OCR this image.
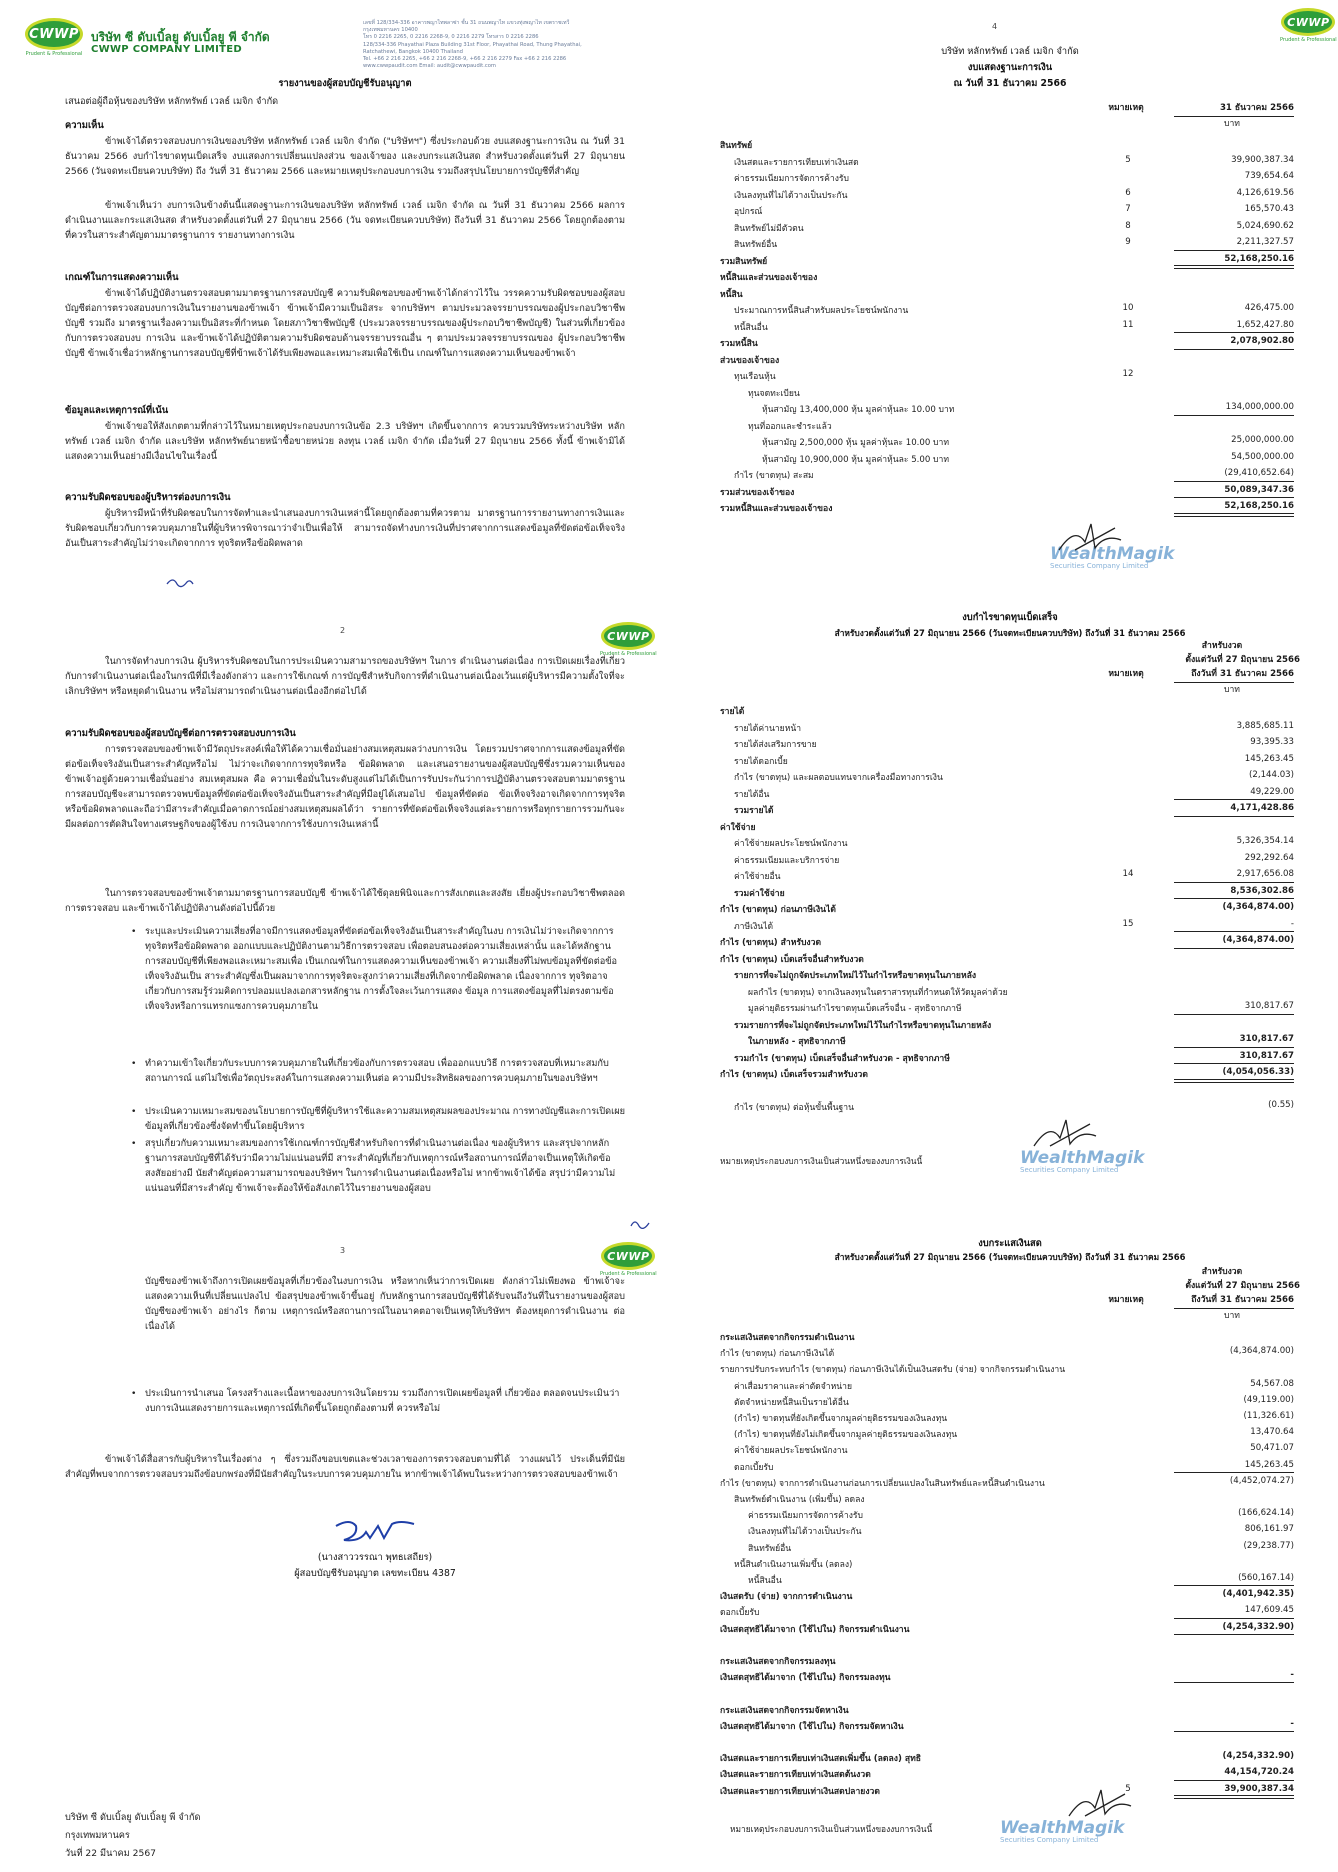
CWWP
Prudent & Professional
บริษัท ซี ดับเบิ้ลยู ดับเบิ้ลยู พี จำกัด
CWWP COMPANY LIMITED
เลขที่ 128/334-336 อาคารพญาไทพลาซ่า ชั้น 31 ถนนพญาไท แขวงทุ่งพญาไท เขตราชเทวี
กรุงเทพมหานคร 10400
โทร 0 2216 2265, 0 2216 2268-9, 0 2216 2279 โทรสาร 0 2216 2286
128/334-336 Phayathai Plaza Building 31st Floor, Phayathai Road, Thung Phayathai,
Ratchathewi, Bangkok 10400 Thailand
Tel. +66 2 216 2265, +66 2 216 2268-9, +66 2 216 2279 Fax +66 2 216 2286
www.cwwpaudit.com Email: audit@cwwpaudit.com
รายงานของผู้สอบบัญชีรับอนุญาต
เสนอต่อผู้ถือหุ้นของบริษัท หลักทรัพย์ เวลธ์ เมจิก จำกัด
ความเห็น
ข้าพเจ้าได้ตรวจสอบงบการเงินของบริษัท หลักทรัพย์ เวลธ์ เมจิก จำกัด ("บริษัทฯ") ซึ่งประกอบด้วย งบแสดงฐานะการเงิน ณ วันที่ 31 ธันวาคม 2566 งบกำไรขาดทุนเบ็ดเสร็จ งบแสดงการเปลี่ยนแปลงส่วน ของเจ้าของ และงบกระแสเงินสด สำหรับงวดตั้งแต่วันที่ 27 มิถุนายน 2566 (วันจดทะเบียนควบบริษัท) ถึง วันที่ 31 ธันวาคม 2566 และหมายเหตุประกอบงบการเงิน รวมถึงสรุปนโยบายการบัญชีที่สำคัญ
ข้าพเจ้าเห็นว่า งบการเงินข้างต้นนี้แสดงฐานะการเงินของบริษัท หลักทรัพย์ เวลธ์ เมจิก จำกัด ณ วันที่ 31 ธันวาคม 2566 ผลการดำเนินงานและกระแสเงินสด สำหรับงวดตั้งแต่วันที่ 27 มิถุนายน 2566 (วัน จดทะเบียนควบบริษัท) ถึงวันที่ 31 ธันวาคม 2566 โดยถูกต้องตามที่ควรในสาระสำคัญตามมาตรฐานการ รายงานทางการเงิน
เกณฑ์ในการแสดงความเห็น
ข้าพเจ้าได้ปฏิบัติงานตรวจสอบตามมาตรฐานการสอบบัญชี ความรับผิดชอบของข้าพเจ้าได้กล่าวไว้ใน วรรคความรับผิดชอบของผู้สอบบัญชีต่อการตรวจสอบงบการเงินในรายงานของข้าพเจ้า ข้าพเจ้ามีความเป็นอิสระ จากบริษัทฯ ตามประมวลจรรยาบรรณของผู้ประกอบวิชาชีพบัญชี รวมถึง มาตรฐานเรื่องความเป็นอิสระที่กำหนด โดยสภาวิชาชีพบัญชี (ประมวลจรรยาบรรณของผู้ประกอบวิชาชีพบัญชี) ในส่วนที่เกี่ยวข้องกับการตรวจสอบงบ การเงิน และข้าพเจ้าได้ปฏิบัติตามความรับผิดชอบด้านจรรยาบรรณอื่น ๆ ตามประมวลจรรยาบรรณของ ผู้ประกอบวิชาชีพบัญชี ข้าพเจ้าเชื่อว่าหลักฐานการสอบบัญชีที่ข้าพเจ้าได้รับเพียงพอและเหมาะสมเพื่อใช้เป็น เกณฑ์ในการแสดงความเห็นของข้าพเจ้า
ข้อมูลและเหตุการณ์ที่เน้น
ข้าพเจ้าขอให้สังเกตตามที่กล่าวไว้ในหมายเหตุประกอบงบการเงินข้อ 2.3 บริษัทฯ เกิดขึ้นจากการ ควบรวมบริษัทระหว่างบริษัท หลักทรัพย์ เวลธ์ เมจิก จำกัด และบริษัท หลักทรัพย์นายหน้าซื้อขายหน่วย ลงทุน เวลธ์ เมจิก จำกัด เมื่อวันที่ 27 มิถุนายน 2566 ทั้งนี้ ข้าพเจ้ามิได้แสดงความเห็นอย่างมีเงื่อนไขในเรื่องนี้
ความรับผิดชอบของผู้บริหารต่องบการเงิน
ผู้บริหารมีหน้าที่รับผิดชอบในการจัดทำและนำเสนองบการเงินเหล่านี้โดยถูกต้องตามที่ควรตาม มาตรฐานการรายงานทางการเงินและรับผิดชอบเกี่ยวกับการควบคุมภายในที่ผู้บริหารพิจารณาว่าจำเป็นเพื่อให้ สามารถจัดทำงบการเงินที่ปราศจากการแสดงข้อมูลที่ขัดต่อข้อเท็จจริงอันเป็นสาระสำคัญไม่ว่าจะเกิดจากการ ทุจริตหรือข้อผิดพลาด
2	CWWP
Prudent & Professional
ในการจัดทำงบการเงิน ผู้บริหารรับผิดชอบในการประเมินความสามารถของบริษัทฯ ในการ ดำเนินงานต่อเนื่อง การเปิดเผยเรื่องที่เกี่ยวกับการดำเนินงานต่อเนื่องในกรณีที่มีเรื่องดังกล่าว และการใช้เกณฑ์ การบัญชีสำหรับกิจการที่ดำเนินงานต่อเนื่องเว้นแต่ผู้บริหารมีความตั้งใจที่จะเลิกบริษัทฯ หรือหยุดดำเนินงาน หรือไม่สามารถดำเนินงานต่อเนื่องอีกต่อไปได้
ความรับผิดชอบของผู้สอบบัญชีต่อการตรวจสอบงบการเงิน
การตรวจสอบของข้าพเจ้ามีวัตถุประสงค์เพื่อให้ได้ความเชื่อมั่นอย่างสมเหตุสมผลว่างบการเงิน โดยรวมปราศจากการแสดงข้อมูลที่ขัดต่อข้อเท็จจริงอันเป็นสาระสำคัญหรือไม่ ไม่ว่าจะเกิดจากการทุจริตหรือ ข้อผิดพลาด และเสนอรายงานของผู้สอบบัญชีซึ่งรวมความเห็นของข้าพเจ้าอยู่ด้วยความเชื่อมั่นอย่าง สมเหตุสมผล คือ ความเชื่อมั่นในระดับสูงแต่ไม่ได้เป็นการรับประกันว่าการปฏิบัติงานตรวจสอบตามมาตรฐาน การสอบบัญชีจะสามารถตรวจพบข้อมูลที่ขัดต่อข้อเท็จจริงอันเป็นสาระสำคัญที่มีอยู่ได้เสมอไป ข้อมูลที่ขัดต่อ ข้อเท็จจริงอาจเกิดจากการทุจริตหรือข้อผิดพลาดและถือว่ามีสาระสำคัญเมื่อคาดการณ์อย่างสมเหตุสมผลได้ว่า รายการที่ขัดต่อข้อเท็จจริงแต่ละรายการหรือทุกรายการรวมกันจะมีผลต่อการตัดสินใจทางเศรษฐกิจของผู้ใช้งบ การเงินจากการใช้งบการเงินเหล่านี้
ในการตรวจสอบของข้าพเจ้าตามมาตรฐานการสอบบัญชี ข้าพเจ้าได้ใช้ดุลยพินิจและการสังเกตและสงสัย เยี่ยงผู้ประกอบวิชาชีพตลอดการตรวจสอบ และข้าพเจ้าได้ปฏิบัติงานดังต่อไปนี้ด้วย
• ระบุและประเมินความเสี่ยงที่อาจมีการแสดงข้อมูลที่ขัดต่อข้อเท็จจริงอันเป็นสาระสำคัญในงบ การเงินไม่ว่าจะเกิดจากการทุจริตหรือข้อผิดพลาด ออกแบบและปฏิบัติงานตามวิธีการตรวจสอบ เพื่อตอบสนองต่อความเสี่ยงเหล่านั้น และได้หลักฐานการสอบบัญชีที่เพียงพอและเหมาะสมเพื่อ เป็นเกณฑ์ในการแสดงความเห็นของข้าพเจ้า ความเสี่ยงที่ไม่พบข้อมูลที่ขัดต่อข้อเท็จจริงอันเป็น สาระสำคัญซึ่งเป็นผลมาจากการทุจริตจะสูงกว่าความเสี่ยงที่เกิดจากข้อผิดพลาด เนื่องจากการ ทุจริตอาจเกี่ยวกับการสมรู้ร่วมคิดการปลอมแปลงเอกสารหลักฐาน การตั้งใจละเว้นการแสดง ข้อมูล การแสดงข้อมูลที่ไม่ตรงตามข้อเท็จจริงหรือการแทรกแซงการควบคุมภายใน
• ทำความเข้าใจเกี่ยวกับระบบการควบคุมภายในที่เกี่ยวข้องกับการตรวจสอบ เพื่อออกแบบวิธี การตรวจสอบที่เหมาะสมกับสถานการณ์ แต่ไม่ใช่เพื่อวัตถุประสงค์ในการแสดงความเห็นต่อ ความมีประสิทธิผลของการควบคุมภายในของบริษัทฯ
• ประเมินความเหมาะสมของนโยบายการบัญชีที่ผู้บริหารใช้และความสมเหตุสมผลของประมาณ การทางบัญชีและการเปิดเผยข้อมูลที่เกี่ยวข้องซึ่งจัดทำขึ้นโดยผู้บริหาร
• สรุปเกี่ยวกับความเหมาะสมของการใช้เกณฑ์การบัญชีสำหรับกิจการที่ดำเนินงานต่อเนื่อง ของผู้บริหาร และสรุปจากหลักฐานการสอบบัญชีที่ได้รับว่ามีความไม่แน่นอนที่มี สาระสำคัญที่เกี่ยวกับเหตุการณ์หรือสถานการณ์ที่อาจเป็นเหตุให้เกิดข้อสงสัยอย่างมี นัยสำคัญต่อความสามารถของบริษัทฯ ในการดำเนินงานต่อเนื่องหรือไม่ หากข้าพเจ้าได้ข้อ สรุปว่ามีความไม่แน่นอนที่มีสาระสำคัญ ข้าพเจ้าจะต้องให้ข้อสังเกตไว้ในรายงานของผู้สอบ
3	CWWP
Prudent & Professional
บัญชีของข้าพเจ้าถึงการเปิดเผยข้อมูลที่เกี่ยวข้องในงบการเงิน หรือหากเห็นว่าการเปิดเผย ดังกล่าวไม่เพียงพอ ข้าพเจ้าจะแสดงความเห็นที่เปลี่ยนแปลงไป ข้อสรุปของข้าพเจ้าขึ้นอยู่ กับหลักฐานการสอบบัญชีที่ได้รับจนถึงวันที่ในรายงานของผู้สอบบัญชีของข้าพเจ้า อย่างไร ก็ตาม เหตุการณ์หรือสถานการณ์ในอนาคตอาจเป็นเหตุให้บริษัทฯ ต้องหยุดการดำเนินงาน ต่อเนื่องได้
• ประเมินการนำเสนอ โครงสร้างและเนื้อหาของงบการเงินโดยรวม รวมถึงการเปิดเผยข้อมูลที่ เกี่ยวข้อง ตลอดจนประเมินว่างบการเงินแสดงรายการและเหตุการณ์ที่เกิดขึ้นโดยถูกต้องตามที่ ควรหรือไม่
ข้าพเจ้าได้สื่อสารกับผู้บริหารในเรื่องต่าง ๆ ซึ่งรวมถึงขอบเขตและช่วงเวลาของการตรวจสอบตามที่ได้ วางแผนไว้ ประเด็นที่มีนัยสำคัญที่พบจากการตรวจสอบรวมถึงข้อบกพร่องที่มีนัยสำคัญในระบบการควบคุมภายใน หากข้าพเจ้าได้พบในระหว่างการตรวจสอบของข้าพเจ้า
(นางสาววรรณา พุทธเสถียร)
ผู้สอบบัญชีรับอนุญาต เลขทะเบียน 4387
บริษัท ซี ดับเบิ้ลยู ดับเบิ้ลยู พี จำกัด
กรุงเทพมหานคร
วันที่ 22 มีนาคม 2567
4	CWWP
Prudent & Professional
บริษัท หลักทรัพย์ เวลธ์ เมจิก จำกัด
งบแสดงฐานะการเงิน
ณ วันที่ 31 ธันวาคม 2566
หมายเหตุ	31 ธันวาคม 2566
บาท
สินทรัพย์
เงินสดและรายการเทียบเท่าเงินสด	5	39,900,387.34
ค่าธรรมเนียมการจัดการค้างรับ	739,654.64
เงินลงทุนที่ไม่ได้วางเป็นประกัน	6	4,126,619.56
อุปกรณ์	7	165,570.43
สินทรัพย์ไม่มีตัวตน	8	5,024,690.62
สินทรัพย์อื่น	9	2,211,327.57
รวมสินทรัพย์	52,168,250.16
หนี้สินและส่วนของเจ้าของ
หนี้สิน
ประมาณการหนี้สินสำหรับผลประโยชน์พนักงาน	10	426,475.00
หนี้สินอื่น	11	1,652,427.80
รวมหนี้สิน	2,078,902.80
ส่วนของเจ้าของ
ทุนเรือนหุ้น	12
ทุนจดทะเบียน
หุ้นสามัญ 13,400,000 หุ้น มูลค่าหุ้นละ 10.00 บาท	134,000,000.00
ทุนที่ออกและชำระแล้ว
หุ้นสามัญ 2,500,000 หุ้น มูลค่าหุ้นละ 10.00 บาท	25,000,000.00
หุ้นสามัญ 10,900,000 หุ้น มูลค่าหุ้นละ 5.00 บาท	54,500,000.00
กำไร (ขาดทุน) สะสม	(29,410,652.64)
รวมส่วนของเจ้าของ	50,089,347.36
รวมหนี้สินและส่วนของเจ้าของ	52,168,250.16
WealthMagik
Securities Company Limited
งบกำไรขาดทุนเบ็ดเสร็จ
สำหรับงวดตั้งแต่วันที่ 27 มิถุนายน 2566 (วันจดทะเบียนควบบริษัท) ถึงวันที่ 31 ธันวาคม 2566
สำหรับงวด
ตั้งแต่วันที่ 27 มิถุนายน 2566
หมายเหตุ	ถึงวันที่ 31 ธันวาคม 2566
บาท
รายได้
รายได้ค่านายหน้า	3,885,685.11
รายได้ส่งเสริมการขาย	93,395.33
รายได้ดอกเบี้ย	145,263.45
กำไร (ขาดทุน) และผลตอบแทนจากเครื่องมือทางการเงิน	(2,144.03)
รายได้อื่น	49,229.00
รวมรายได้	4,171,428.86
ค่าใช้จ่าย
ค่าใช้จ่ายผลประโยชน์พนักงาน	5,326,354.14
ค่าธรรมเนียมและบริการจ่าย	292,292.64
ค่าใช้จ่ายอื่น	14	2,917,656.08
รวมค่าใช้จ่าย	8,536,302.86
กำไร (ขาดทุน) ก่อนภาษีเงินได้	(4,364,874.00)
ภาษีเงินได้	15	-
กำไร (ขาดทุน) สำหรับงวด	(4,364,874.00)
กำไร (ขาดทุน) เบ็ดเสร็จอื่นสำหรับงวด
รายการที่จะไม่ถูกจัดประเภทใหม่ไว้ในกำไรหรือขาดทุนในภายหลัง
ผลกำไร (ขาดทุน) จากเงินลงทุนในตราสารทุนที่กำหนดให้วัดมูลค่าด้วย
มูลค่ายุติธรรมผ่านกำไรขาดทุนเบ็ดเสร็จอื่น - สุทธิจากภาษี	310,817.67
รวมรายการที่จะไม่ถูกจัดประเภทใหม่ไว้ในกำไรหรือขาดทุนในภายหลัง
ในภายหลัง - สุทธิจากภาษี	310,817.67
รวมกำไร (ขาดทุน) เบ็ดเสร็จอื่นสำหรับงวด - สุทธิจากภาษี	310,817.67
กำไร (ขาดทุน) เบ็ดเสร็จรวมสำหรับงวด	(4,054,056.33)
กำไร (ขาดทุน) ต่อหุ้นขั้นพื้นฐาน	(0.55)
หมายเหตุประกอบงบการเงินเป็นส่วนหนึ่งของงบการเงินนี้	WealthMagik
Securities Company Limited
งบกระแสเงินสด
สำหรับงวดตั้งแต่วันที่ 27 มิถุนายน 2566 (วันจดทะเบียนควบบริษัท) ถึงวันที่ 31 ธันวาคม 2566
สำหรับงวด
ตั้งแต่วันที่ 27 มิถุนายน 2566
หมายเหตุ	ถึงวันที่ 31 ธันวาคม 2566
บาท
กระแสเงินสดจากกิจกรรมดำเนินงาน
กำไร (ขาดทุน) ก่อนภาษีเงินได้	(4,364,874.00)
รายการปรับกระทบกำไร (ขาดทุน) ก่อนภาษีเงินได้เป็นเงินสดรับ (จ่าย) จากกิจกรรมดำเนินงาน
ค่าเสื่อมราคาและค่าตัดจำหน่าย	54,567.08
ตัดจำหน่ายหนี้สินเป็นรายได้อื่น	(49,119.00)
(กำไร) ขาดทุนที่ยังเกิดขึ้นจากมูลค่ายุติธรรมของเงินลงทุน	(11,326.61)
(กำไร) ขาดทุนที่ยังไม่เกิดขึ้นจากมูลค่ายุติธรรมของเงินลงทุน	13,470.64
ค่าใช้จ่ายผลประโยชน์พนักงาน	50,471.07
ดอกเบี้ยรับ	145,263.45
กำไร (ขาดทุน) จากการดำเนินงานก่อนการเปลี่ยนแปลงในสินทรัพย์และหนี้สินดำเนินงาน	(4,452,074.27)
สินทรัพย์ดำเนินงาน (เพิ่มขึ้น) ลดลง
ค่าธรรมเนียมการจัดการค้างรับ	(166,624.14)
เงินลงทุนที่ไม่ได้วางเป็นประกัน	806,161.97
สินทรัพย์อื่น	(29,238.77)
หนี้สินดำเนินงานเพิ่มขึ้น (ลดลง)
หนี้สินอื่น	(560,167.14)
เงินสดรับ (จ่าย) จากการดำเนินงาน	(4,401,942.35)
ดอกเบี้ยรับ	147,609.45
เงินสดสุทธิได้มาจาก (ใช้ไปใน) กิจกรรมดำเนินงาน	(4,254,332.90)
กระแสเงินสดจากกิจกรรมลงทุน
เงินสดสุทธิได้มาจาก (ใช้ไปใน) กิจกรรมลงทุน	-
กระแสเงินสดจากกิจกรรมจัดหาเงิน
เงินสดสุทธิได้มาจาก (ใช้ไปใน) กิจกรรมจัดหาเงิน	-
เงินสดและรายการเทียบเท่าเงินสดเพิ่มขึ้น (ลดลง) สุทธิ	(4,254,332.90)
เงินสดและรายการเทียบเท่าเงินสดต้นงวด	44,154,720.24
เงินสดและรายการเทียบเท่าเงินสดปลายงวด	5	39,900,387.34
หมายเหตุประกอบงบการเงินเป็นส่วนหนึ่งของงบการเงินนี้	WealthMagik
Securities Company Limited
